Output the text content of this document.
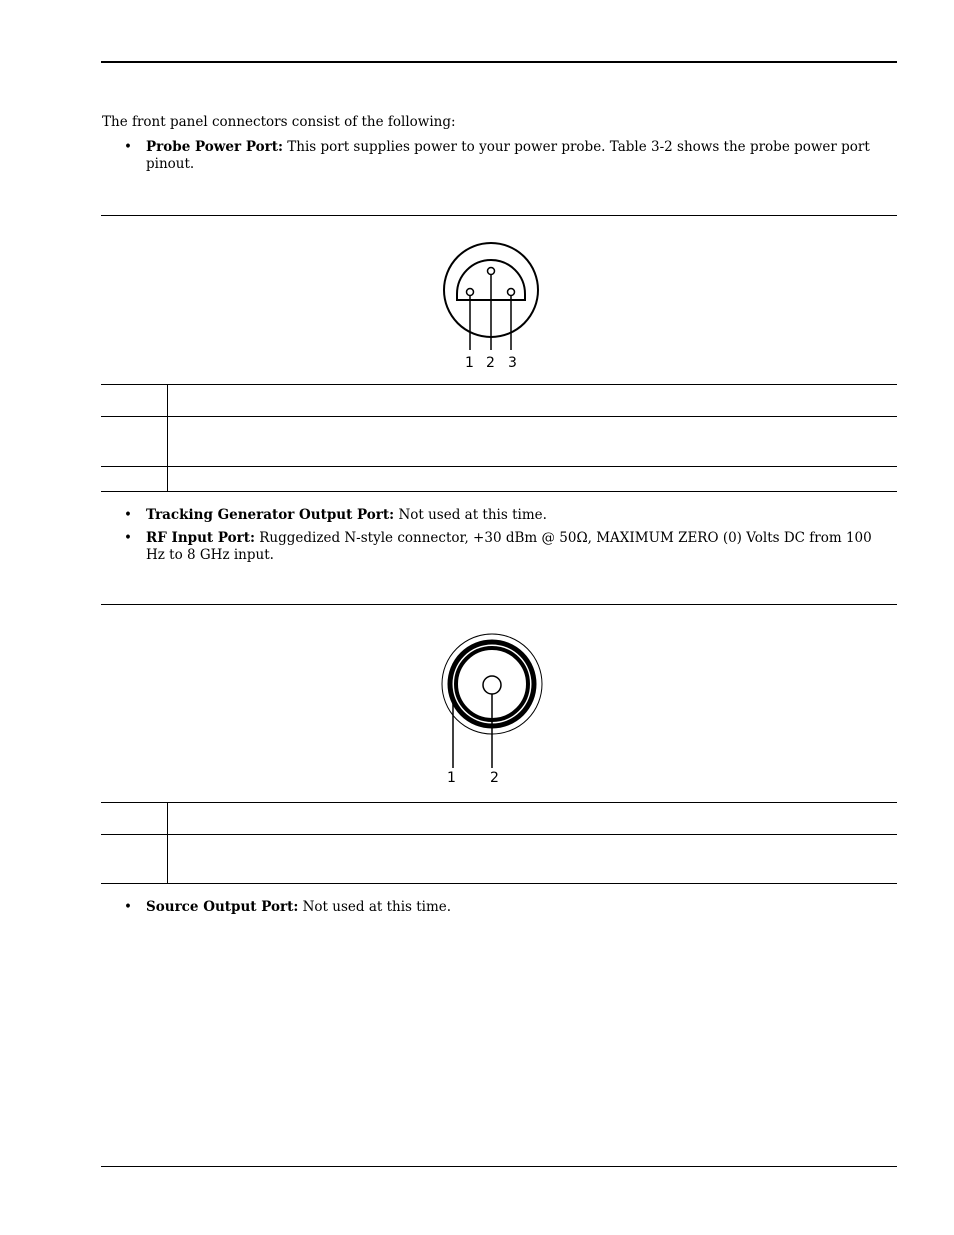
The front panel connectors consist of the following:
• Probe Power Port: This port supplies power to your power probe. Table 3-2 shows the probe power port pinout.
1 2 3
• Tracking Generator Output Port: Not used at this time.
• RF Input Port: Ruggedized N-style connector, +30 dBm @ 50Ω, MAXIMUM ZERO (0) Volts DC from 100 Hz to 8 GHz input.
1 2
• Source Output Port: Not used at this time.
